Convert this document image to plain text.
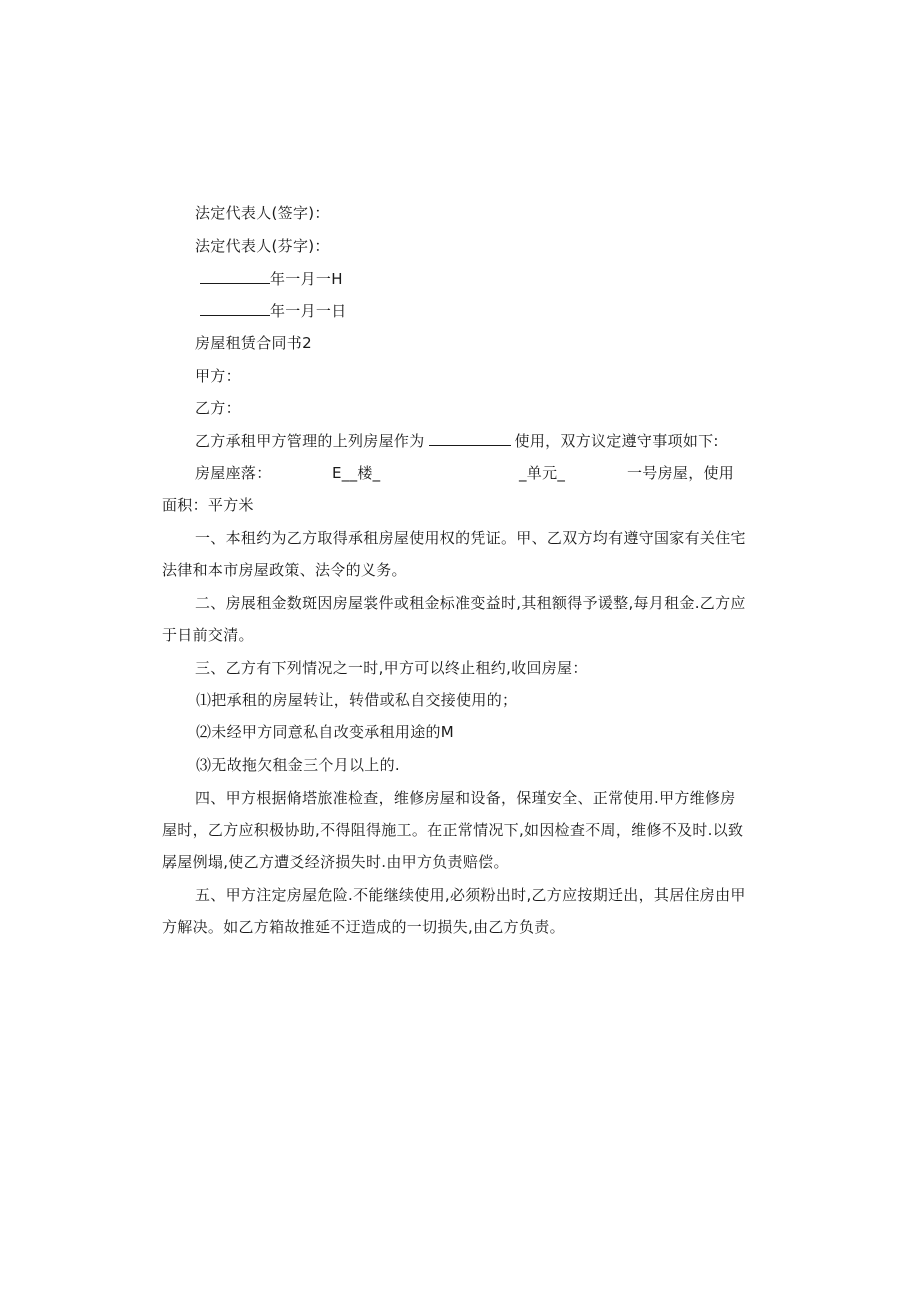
法定代表人(签字)：
法定代表人(芬字)：
年一月一H
年一月一日
房屋租赁合同书2
甲方：
乙方：
乙方承租甲方管理的上列房屋作为	使用，双方议定遵守事项如下:
房屋座落：	E__楼_	_单元_	一号房屋，使用
面积：平方米
一、本租约为乙方取得承租房屋使用权的凭证。甲、乙双方均有遵守国家有关住宅
法律和本市房屋政策、法令的义务。
二、房展租金数斑因房屋裳件或租金标准变益时,其租额得予谖整,每月租金.乙方应
于日前交清。
三、乙方有下列情况之一时,甲方可以终止租约,收回房屋：
⑴把承租的房屋转让，转借或私自交接使用的；
⑵未经甲方同意私自改变承租用途的M
⑶无故拖欠租金三个月以上的.
四、甲方根据脩塔旅准检查，维修房屋和设备，保瑾安全、正常使用.甲方维修房
屋时，乙方应积极协助,不得阻得施工。在正常情况下,如因检查不周，维修不及时.以致
孱屋例塌,使乙方遭爻经济损失时.由甲方负责赔偿。
五、甲方注定房屋危险.不能继续使用,必须粉出时,乙方应按期迁出，其居住房由甲
方解决。如乙方箱故推延不迂造成的一切损失,由乙方负责。
